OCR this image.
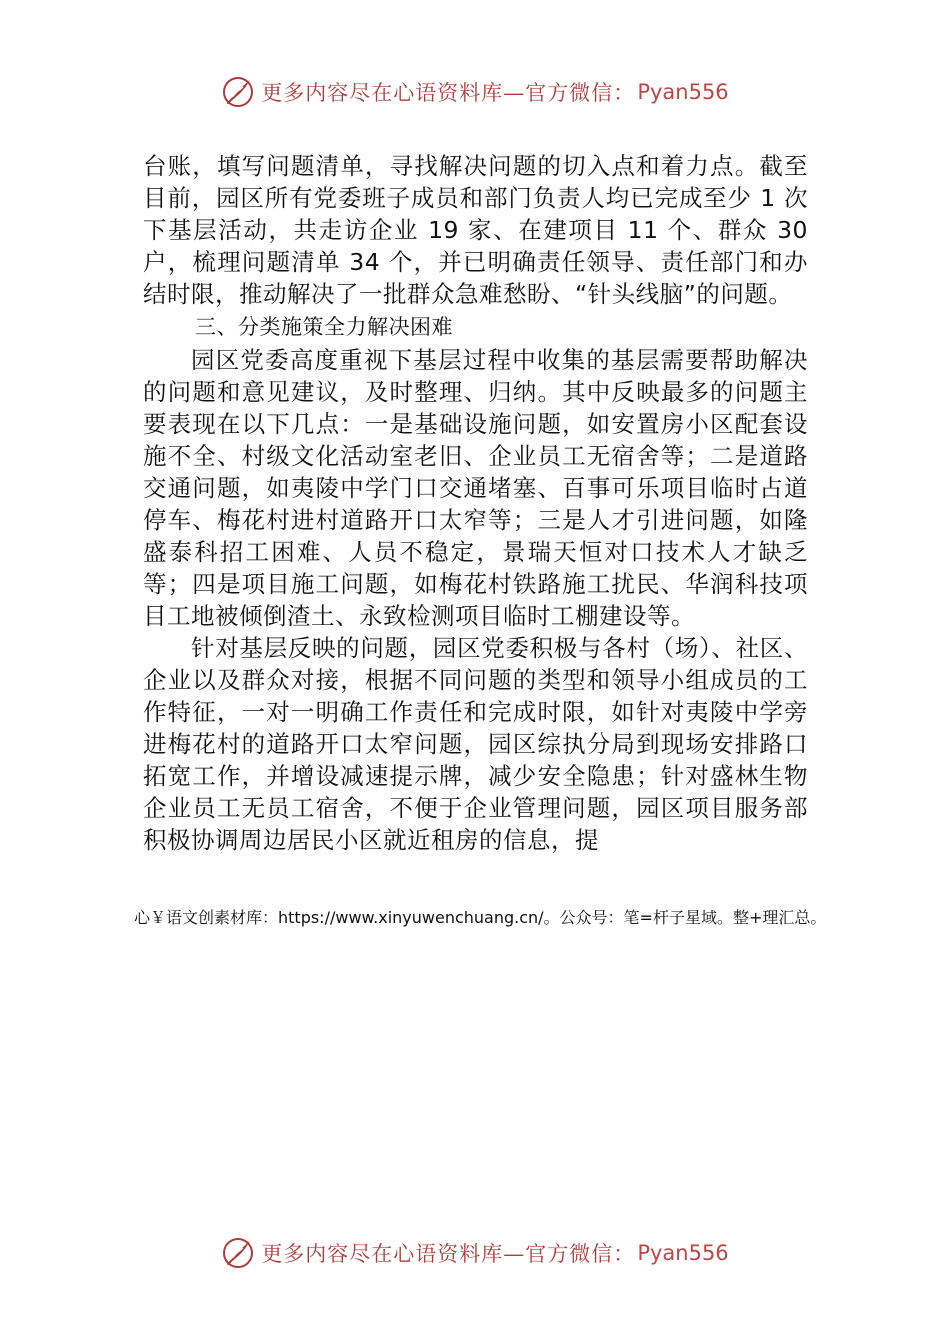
更多内容尽在心语资料库—官方微信： Pyan556

台账，填写问题清单，寻找解决问题的切入点和着力点。截至目前，园区所有党委班子成员和部门负责人均已完成至少 1 次下基层活动，共走访企业 19 家、在建项目 11 个、群众 30 户，梳理问题清单 34 个，并已明确责任领导、责任部门和办结时限，推动解决了一批群众急难愁盼、“针头线脑”的问题。

三、分类施策全力解决困难

园区党委高度重视下基层过程中收集的基层需要帮助解决的问题和意见建议，及时整理、归纳。其中反映最多的问题主要表现在以下几点：一是基础设施问题，如安置房小区配套设施不全、村级文化活动室老旧、企业员工无宿舍等；二是道路交通问题，如夷陵中学门口交通堵塞、百事可乐项目临时占道停车、梅花村进村道路开口太窄等；三是人才引进问题，如隆盛泰科招工困难、人员不稳定，景瑞天恒对口技术人才缺乏等；四是项目施工问题，如梅花村铁路施工扰民、华润科技项目工地被倾倒渣土、永致检测项目临时工棚建设等。

针对基层反映的问题，园区党委积极与各村（场）、社区、企业以及群众对接，根据不同问题的类型和领导小组成员的工作特征，一对一明确工作责任和完成时限，如针对夷陵中学旁进梅花村的道路开口太窄问题，园区综执分局到现场安排路口拓宽工作，并增设减速提示牌，减少安全隐患；针对盛林生物企业员工无员工宿舍，不便于企业管理问题，园区项目服务部积极协调周边居民小区就近租房的信息，提

心￥语文创素材库：https://www.xinyuwenchuang.cn/。公众号：笔=杆子星域。整+理汇总。
更多内容尽在心语资料库—官方微信： Pyan556
